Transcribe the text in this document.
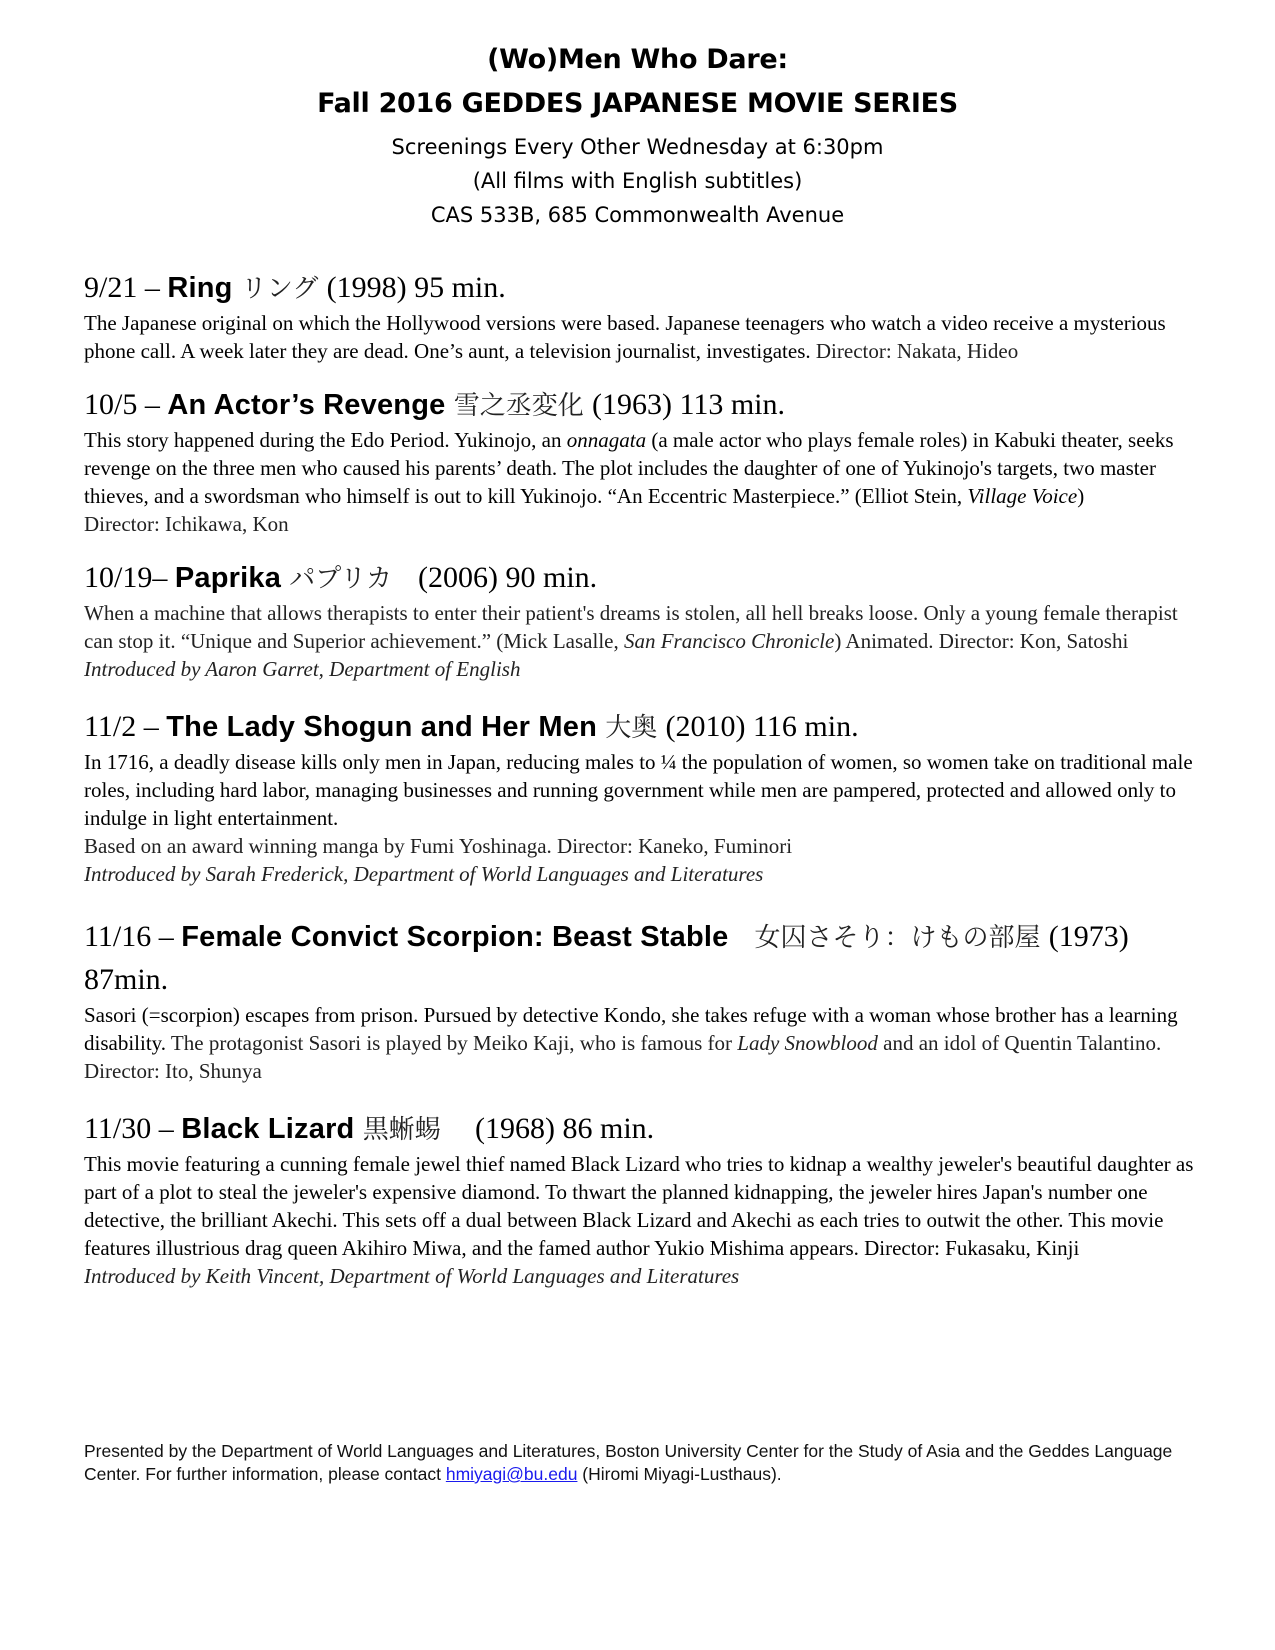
(Wo)Men Who Dare:
Fall 2016 GEDDES JAPANESE MOVIE SERIES
Screenings Every Other Wednesday at 6:30pm
(All films with English subtitles)
CAS 533B, 685 Commonwealth Avenue
9/21 – Ring リング (1998) 95 min.
The Japanese original on which the Hollywood versions were based. Japanese teenagers who watch a video receive a mysterious phone call. A week later they are dead. One’s aunt, a television journalist, investigates. Director: Nakata, Hideo
10/5 – An Actor’s Revenge 雪之丞変化 (1963) 113 min.
This story happened during the Edo Period. Yukinojo, an onnagata (a male actor who plays female roles) in Kabuki theater, seeks revenge on the three men who caused his parents’ death. The plot includes the daughter of one of Yukinojo's targets, two master thieves, and a swordsman who himself is out to kill Yukinojo. “An Eccentric Masterpiece.” (Elliot Stein, Village Voice)
Director: Ichikawa, Kon
10/19– Paprika パプリカ　(2006) 90 min.
When a machine that allows therapists to enter their patient's dreams is stolen, all hell breaks loose. Only a young female therapist can stop it. “Unique and Superior achievement.” (Mick Lasalle, San Francisco Chronicle) Animated. Director: Kon, Satoshi
Introduced by Aaron Garret, Department of English
11/2 – The Lady Shogun and Her Men 大奥 (2010) 116 min.
In 1716, a deadly disease kills only men in Japan, reducing males to ¼ the population of women, so women take on traditional male roles, including hard labor, managing businesses and running government while men are pampered, protected and allowed only to indulge in light entertainment.
Based on an award winning manga by Fumi Yoshinaga. Director: Kaneko, Fuminori
Introduced by Sarah Frederick, Department of World Languages and Literatures
11/16 – Female Convict Scorpion: Beast Stable　女囚さそり：けもの部屋 (1973) 87min.
Sasori (=scorpion) escapes from prison. Pursued by detective Kondo, she takes refuge with a woman whose brother has a learning disability. The protagonist Sasori is played by Meiko Kaji, who is famous for Lady Snowblood and an idol of Quentin Talantino. Director: Ito, Shunya
11/30 – Black Lizard 黒蜥蜴　 (1968) 86 min.
This movie featuring a cunning female jewel thief named Black Lizard who tries to kidnap a wealthy jeweler's beautiful daughter as part of a plot to steal the jeweler's expensive diamond. To thwart the planned kidnapping, the jeweler hires Japan's number one detective, the brilliant Akechi. This sets off a dual between Black Lizard and Akechi as each tries to outwit the other. This movie features illustrious drag queen Akihiro Miwa, and the famed author Yukio Mishima appears. Director: Fukasaku, Kinji
Introduced by Keith Vincent, Department of World Languages and Literatures
Presented by the Department of World Languages and Literatures, Boston University Center for the Study of Asia and the Geddes Language Center. For further information, please contact hmiyagi@bu.edu (Hiromi Miyagi-Lusthaus).
